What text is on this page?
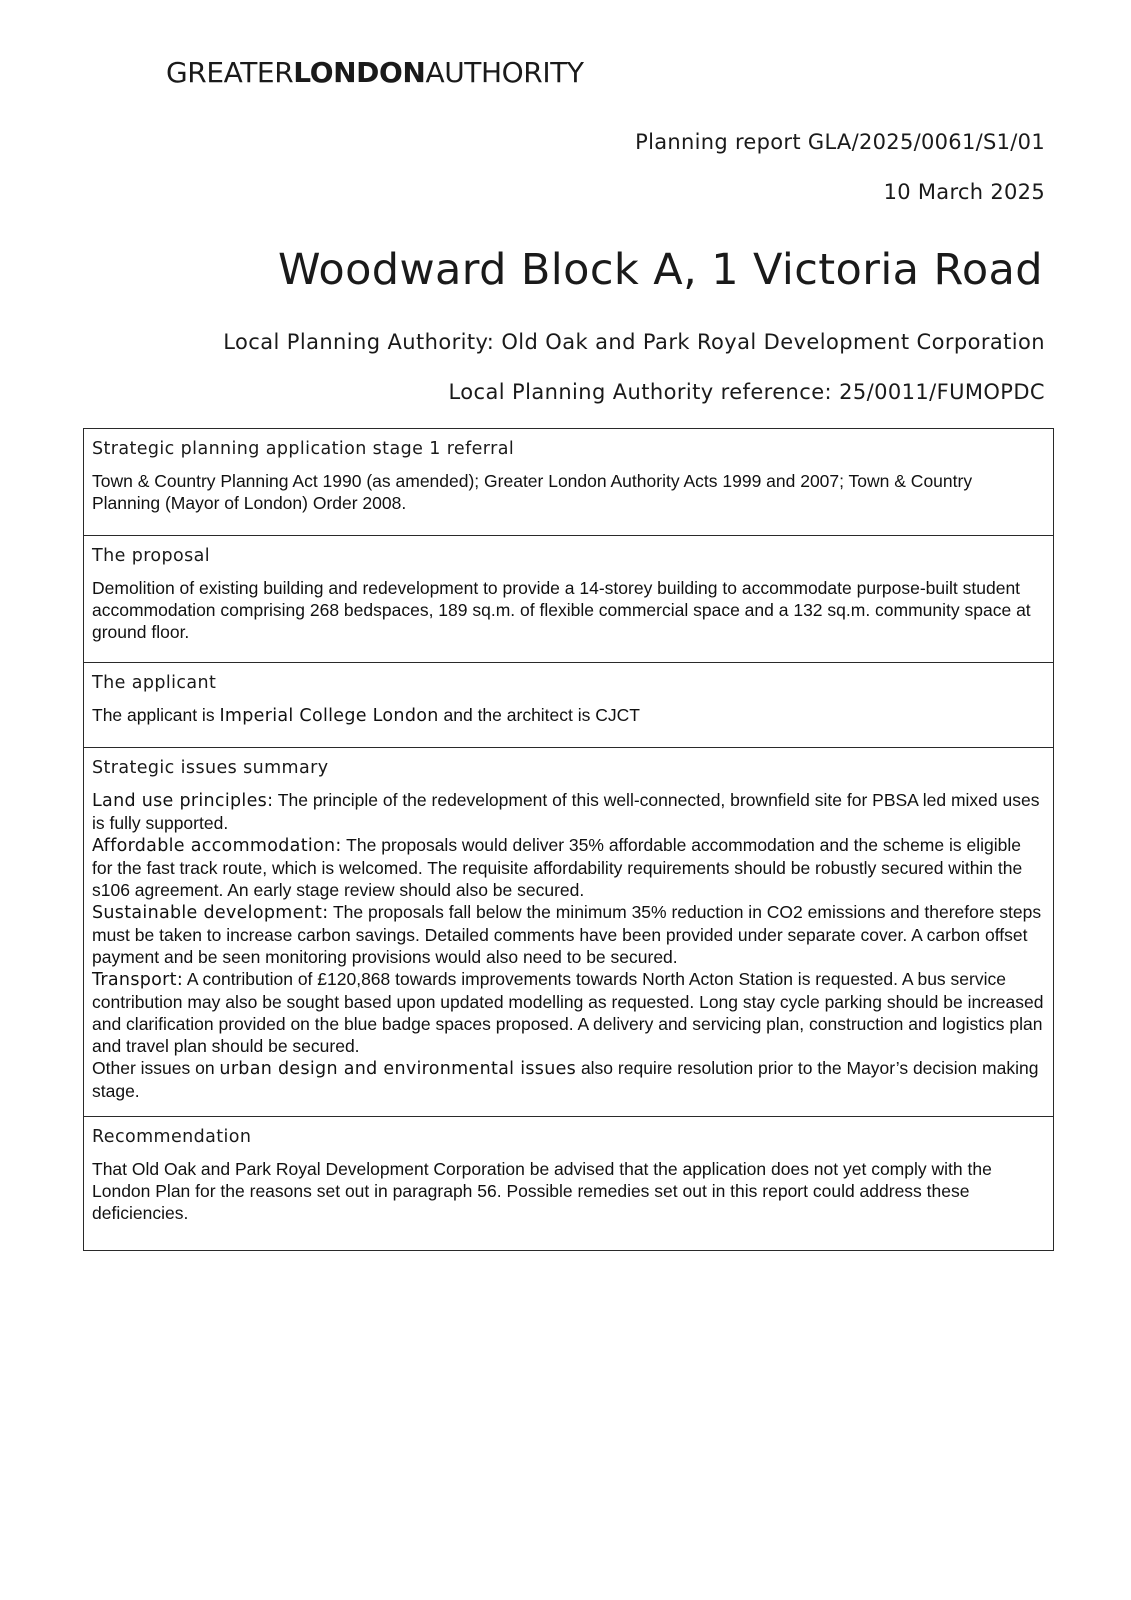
GREATERLONDONAUTHORITY
Planning report GLA/2025/0061/S1/01
10 March 2025
Woodward Block A, 1 Victoria Road
Local Planning Authority: Old Oak and Park Royal Development Corporation
Local Planning Authority reference: 25/0011/FUMOPDC

Strategic planning application stage 1 referral

Town & Country Planning Act 1990 (as amended); Greater London Authority Acts 1999 and 2007; Town & Country Planning (Mayor of London) Order 2008.

The proposal

Demolition of existing building and redevelopment to provide a 14-storey building to accommodate purpose-built student accommodation comprising 268 bedspaces, 189 sq.m. of flexible commercial space and a 132 sq.m. community space at ground floor.

The applicant

The applicant is Imperial College London and the architect is CJCT

Strategic issues summary

Land use principles: The principle of the redevelopment of this well-connected, brownfield site for PBSA led mixed uses is fully supported.

Affordable accommodation: The proposals would deliver 35% affordable accommodation and the scheme is eligible for the fast track route, which is welcomed. The requisite affordability requirements should be robustly secured within the s106 agreement. An early stage review should also be secured.

Sustainable development: The proposals fall below the minimum 35% reduction in CO2 emissions and therefore steps must be taken to increase carbon savings. Detailed comments have been provided under separate cover. A carbon offset payment and be seen monitoring provisions would also need to be secured.

Transport: A contribution of £120,868 towards improvements towards North Acton Station is requested. A bus service contribution may also be sought based upon updated modelling as requested. Long stay cycle parking should be increased and clarification provided on the blue badge spaces proposed. A delivery and servicing plan, construction and logistics plan and travel plan should be secured.

Other issues on urban design and environmental issues also require resolution prior to the Mayor’s decision making stage.

Recommendation

That Old Oak and Park Royal Development Corporation be advised that the application does not yet comply with the London Plan for the reasons set out in paragraph 56. Possible remedies set out in this report could address these deficiencies.
